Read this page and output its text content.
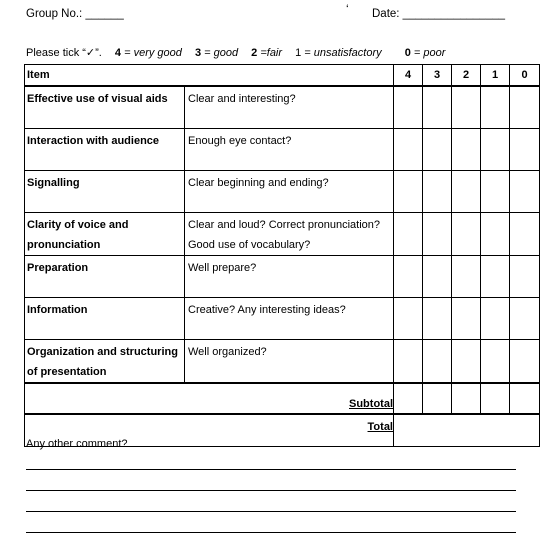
Group No.: ______	‘ Date: ________________
Please tick “✓”. 4 = very good 3 = good 2 =fair 1 = unsatisfactory 0 = poor
Item		4	3	2	1	0
Effective use of visual aids	Clear and interesting?					
Interaction with audience	Enough eye contact?					
Signalling	Clear beginning and ending?					
Clarity of voice and pronunciation	Clear and loud? Correct pronunciation? Good use of vocabulary?					
Preparation	Well prepare?					
Information	Creative? Any interesting ideas?					
Organization and structuring of presentation	Well organized?					
Subtotal						
Total						
Any other comment?
